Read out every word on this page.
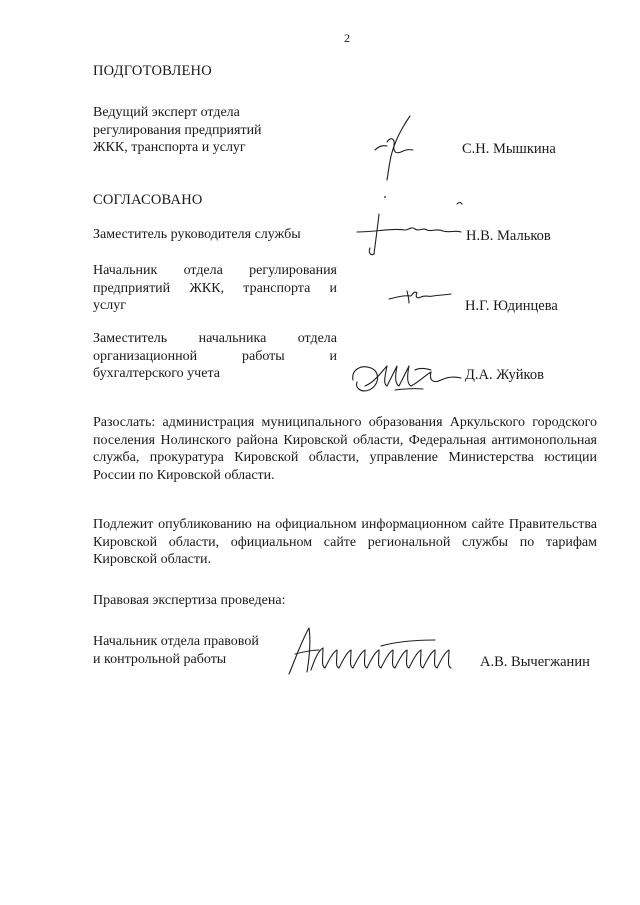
2
ПОДГОТОВЛЕНО
Ведущий эксперт отдела
регулирования предприятий
ЖКК, транспорта и услуг	С.Н. Мышкина
СОГЛАСОВАНО
Заместитель руководителя службы	Н.В. Мальков
Начальник отдела регулирования
предприятий ЖКК, транспорта и
услуг	Н.Г. Юдинцева
Заместитель начальника отдела
организационной работы и
бухгалтерского учета	Д.А. Жуйков
Разослать: администрация муниципального образования Аркульского городского поселения Нолинского района Кировской области, Федеральная антимонопольная служба, прокуратура Кировской области, управление Министерства юстиции России по Кировской области.
Подлежит опубликованию на официальном информационном сайте Правительства Кировской области, официальном сайте региональной службы по тарифам Кировской области.
Правовая экспертиза проведена:
Начальник отдела правовой
и контрольной работы	А.В. Вычегжанин
